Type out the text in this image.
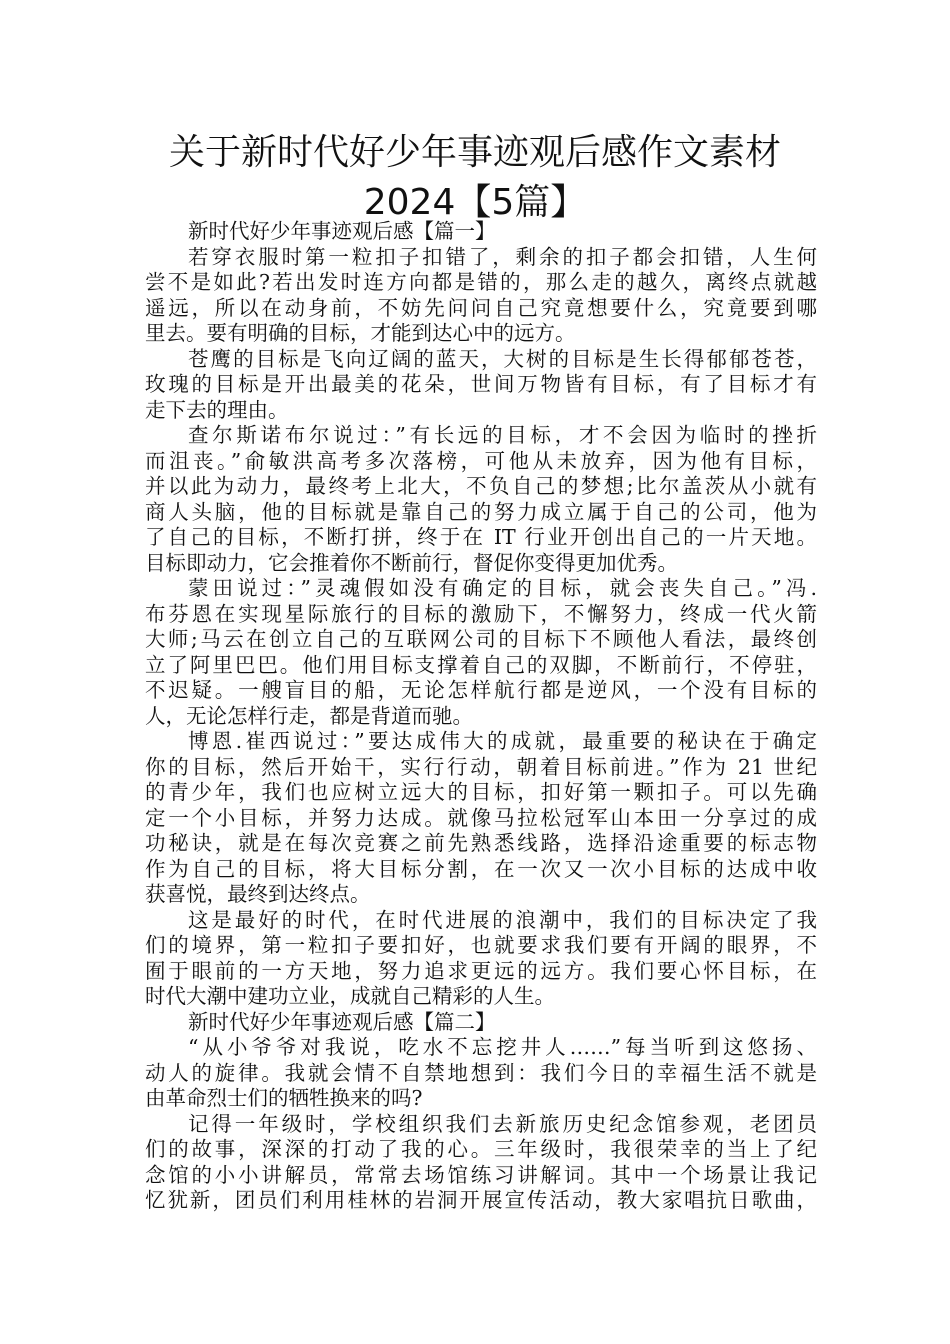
关于新时代好少年事迹观后感作文素材
2024【5篇】
新时代好少年事迹观后感【篇一】
若穿衣服时第一粒扣子扣错了，剩余的扣子都会扣错，人生何
尝不是如此?若出发时连方向都是错的，那么走的越久，离终点就越
遥远，所以在动身前，不妨先问问自己究竟想要什么，究竟要到哪
里去。要有明确的目标，才能到达心中的远方。
苍鹰的目标是飞向辽阔的蓝天，大树的目标是生长得郁郁苍苍，
玫瑰的目标是开出最美的花朵，世间万物皆有目标，有了目标才有
走下去的理由。
查尔斯诺布尔说过：”有长远的目标，才不会因为临时的挫折
而沮丧。”俞敏洪高考多次落榜，可他从未放弃，因为他有目标，
并以此为动力，最终考上北大，不负自己的梦想;比尔盖茨从小就有
商人头脑，他的目标就是靠自己的努力成立属于自己的公司，他为
了自己的目标，不断打拼，终于在 IT 行业开创出自己的一片天地。
目标即动力，它会推着你不断前行，督促你变得更加优秀。
蒙田说过：”灵魂假如没有确定的目标，就会丧失自己。”冯.
布芬恩在实现星际旅行的目标的激励下，不懈努力，终成一代火箭
大师;马云在创立自己的互联网公司的目标下不顾他人看法，最终创
立了阿里巴巴。他们用目标支撑着自己的双脚，不断前行，不停驻，
不迟疑。一艘盲目的船，无论怎样航行都是逆风，一个没有目标的
人，无论怎样行走，都是背道而驰。
博恩.崔西说过：”要达成伟大的成就，最重要的秘诀在于确定
你的目标，然后开始干，实行行动，朝着目标前进。”作为 21 世纪
的青少年，我们也应树立远大的目标，扣好第一颗扣子。可以先确
定一个小目标，并努力达成。就像马拉松冠军山本田一分享过的成
功秘诀，就是在每次竞赛之前先熟悉线路，选择沿途重要的标志物
作为自己的目标，将大目标分割，在一次又一次小目标的达成中收
获喜悦，最终到达终点。
这是最好的时代，在时代进展的浪潮中，我们的目标决定了我
们的境界，第一粒扣子要扣好，也就要求我们要有开阔的眼界，不
囿于眼前的一方天地，努力追求更远的远方。我们要心怀目标，在
时代大潮中建功立业，成就自己精彩的人生。
新时代好少年事迹观后感【篇二】
“从小爷爷对我说，吃水不忘挖井人……”每当听到这悠扬、
动人的旋律。我就会情不自禁地想到：我们今日的幸福生活不就是
由革命烈士们的牺牲换来的吗?
记得一年级时，学校组织我们去新旅历史纪念馆参观，老团员
们的故事，深深的打动了我的心。三年级时，我很荣幸的当上了纪
念馆的小小讲解员，常常去场馆练习讲解词。其中一个场景让我记
忆犹新，团员们利用桂林的岩洞开展宣传活动，教大家唱抗日歌曲，
